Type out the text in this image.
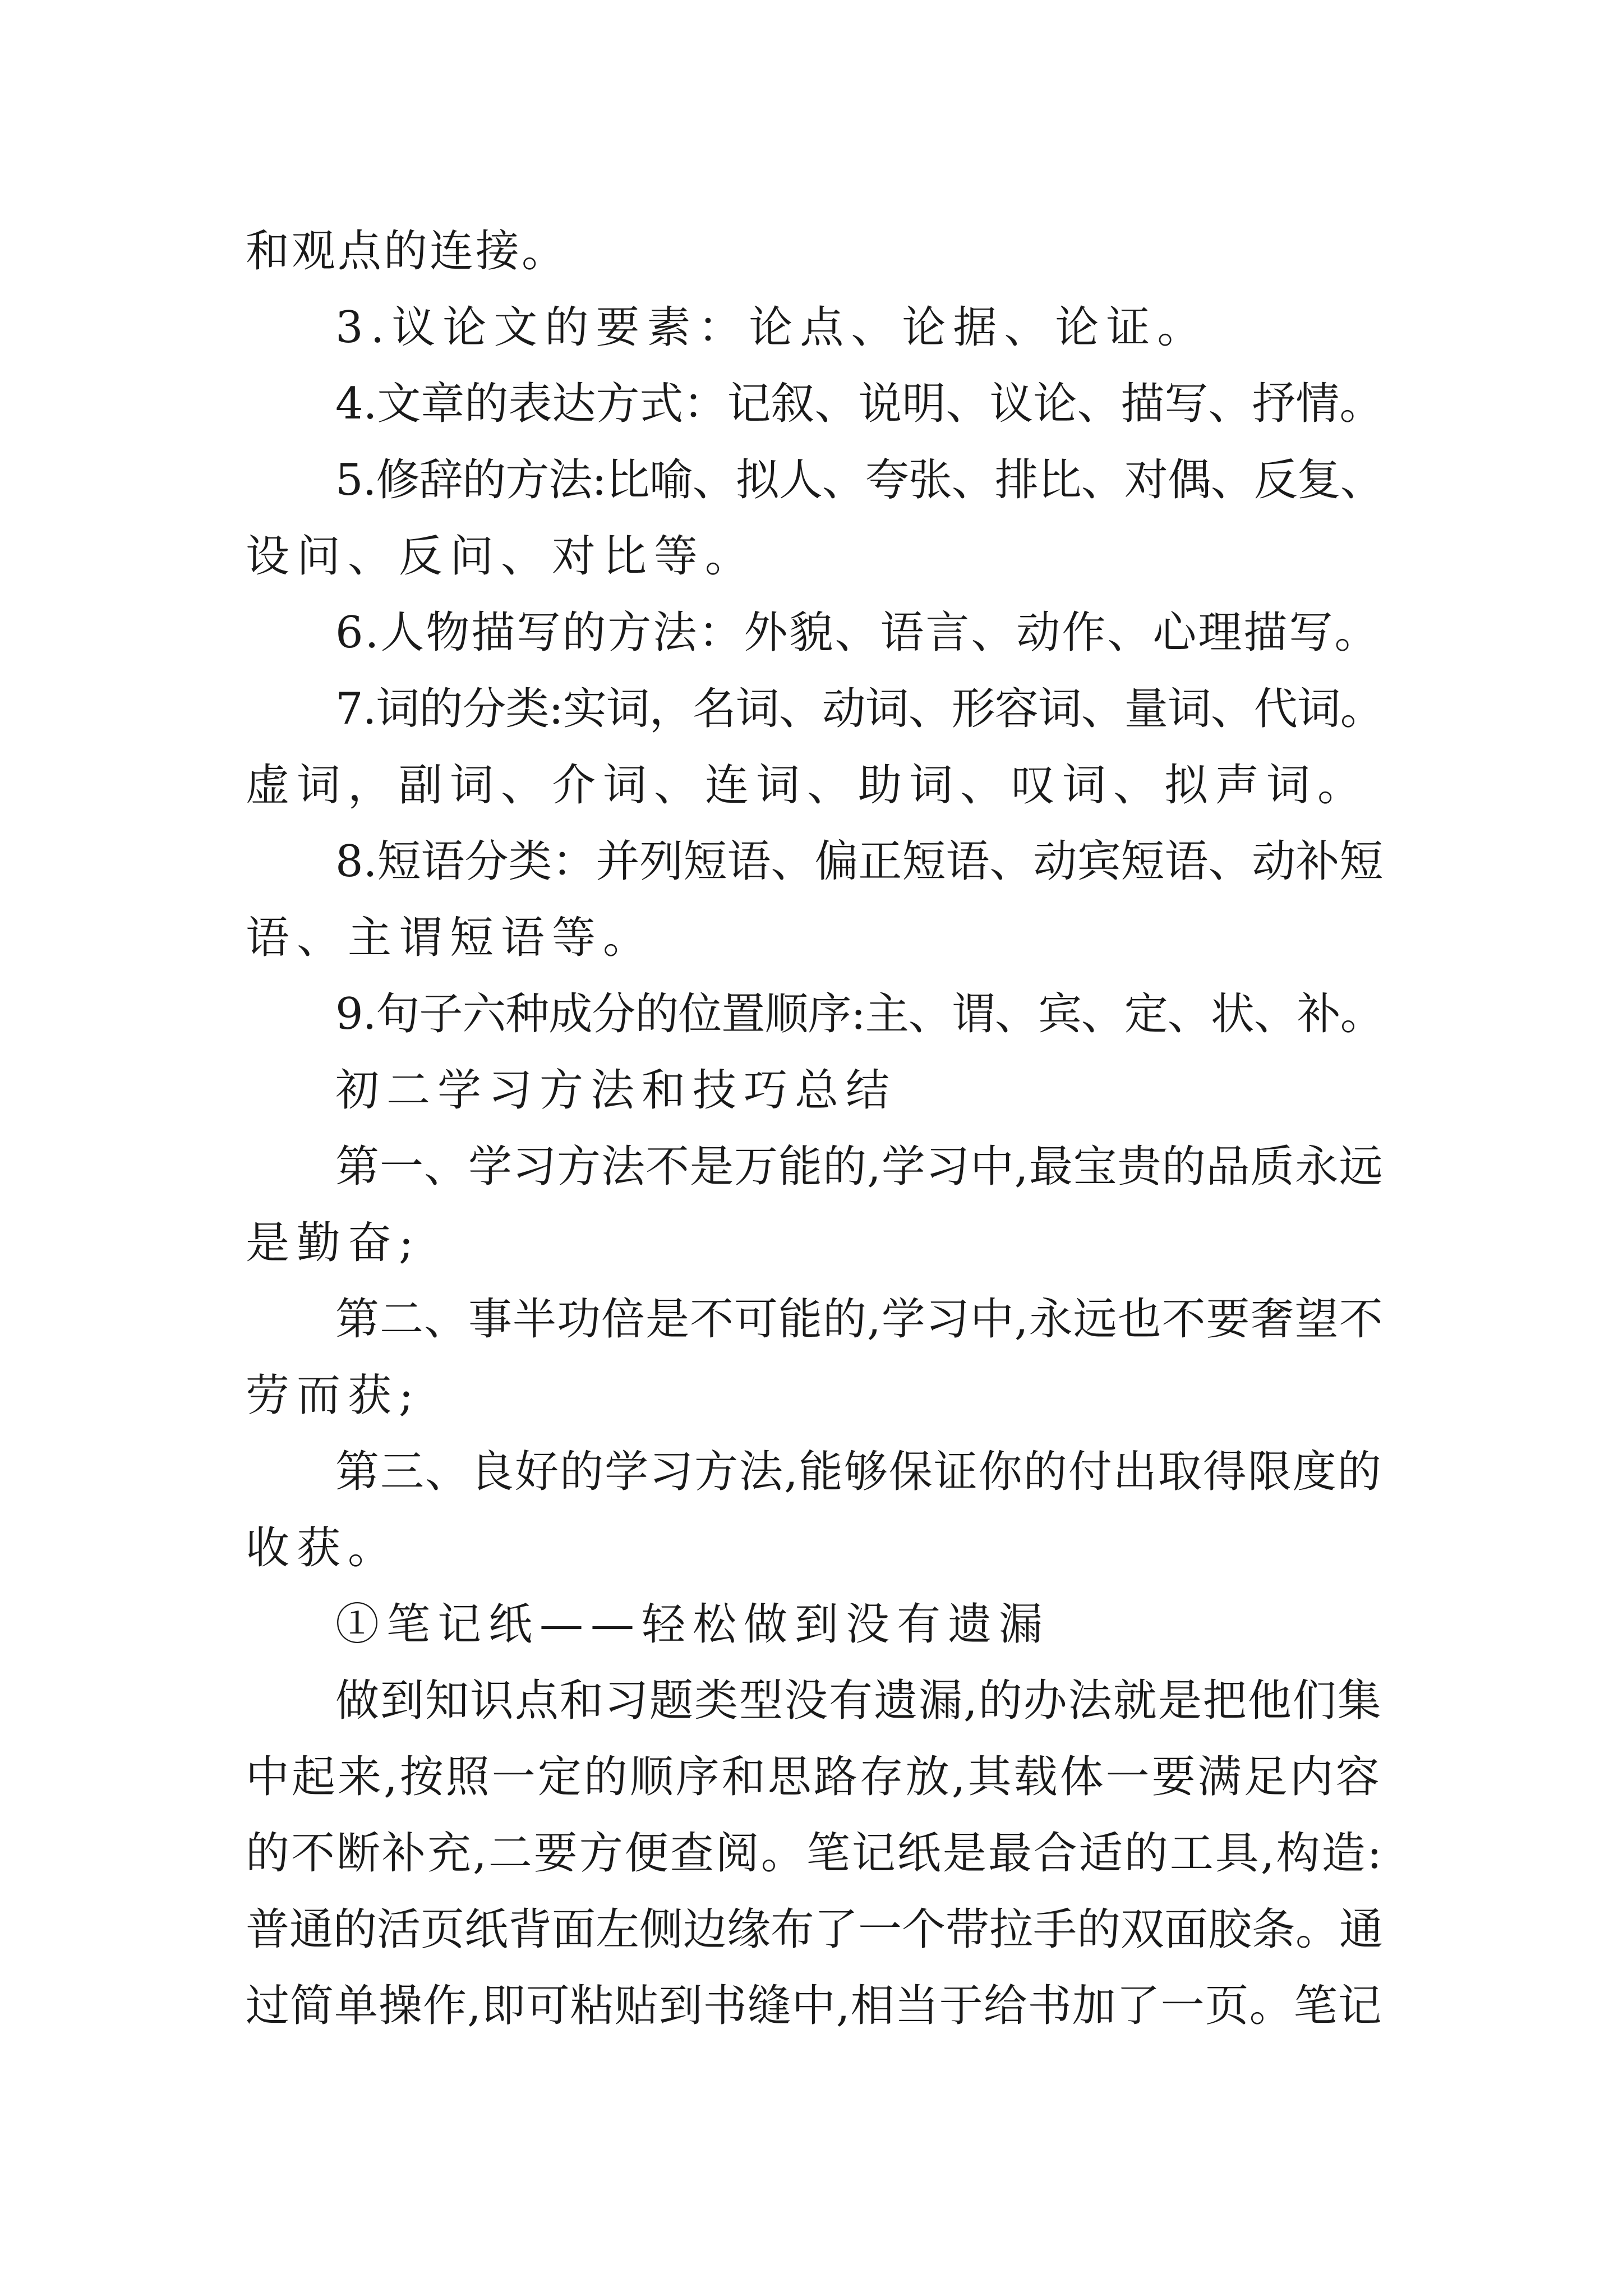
和观点的连接。
3.议论文的要素：论点、论据、论证。
4.文章的表达方式：记叙、说明、议论、描写、抒情。
5.修辞的方法:比喻、拟人、夸张、排比、对偶、反复、
设问、反问、对比等。
6.人物描写的方法：外貌、语言、动作、心理描写。
7.词的分类:实词，名词、动词、形容词、量词、代词。
虚词，副词、介词、连词、助词、叹词、拟声词。
8.短语分类：并列短语、偏正短语、动宾短语、动补短
语、主谓短语等。
9.句子六种成分的位置顺序:主、谓、宾、定、状、补。
初二学习方法和技巧总结
第一、学习方法不是万能的,学习中,最宝贵的品质永远
是勤奋;
第二、事半功倍是不可能的,学习中,永远也不要奢望不
劳而获;
第三、良好的学习方法,能够保证你的付出取得限度的
收获。
①笔记纸——轻松做到没有遗漏
做到知识点和习题类型没有遗漏,的办法就是把他们集
中起来,按照一定的顺序和思路存放,其载体一要满足内容
的不断补充,二要方便查阅。笔记纸是最合适的工具,构造:
普通的活页纸背面左侧边缘布了一个带拉手的双面胶条。通
过简单操作,即可粘贴到书缝中,相当于给书加了一页。笔记
